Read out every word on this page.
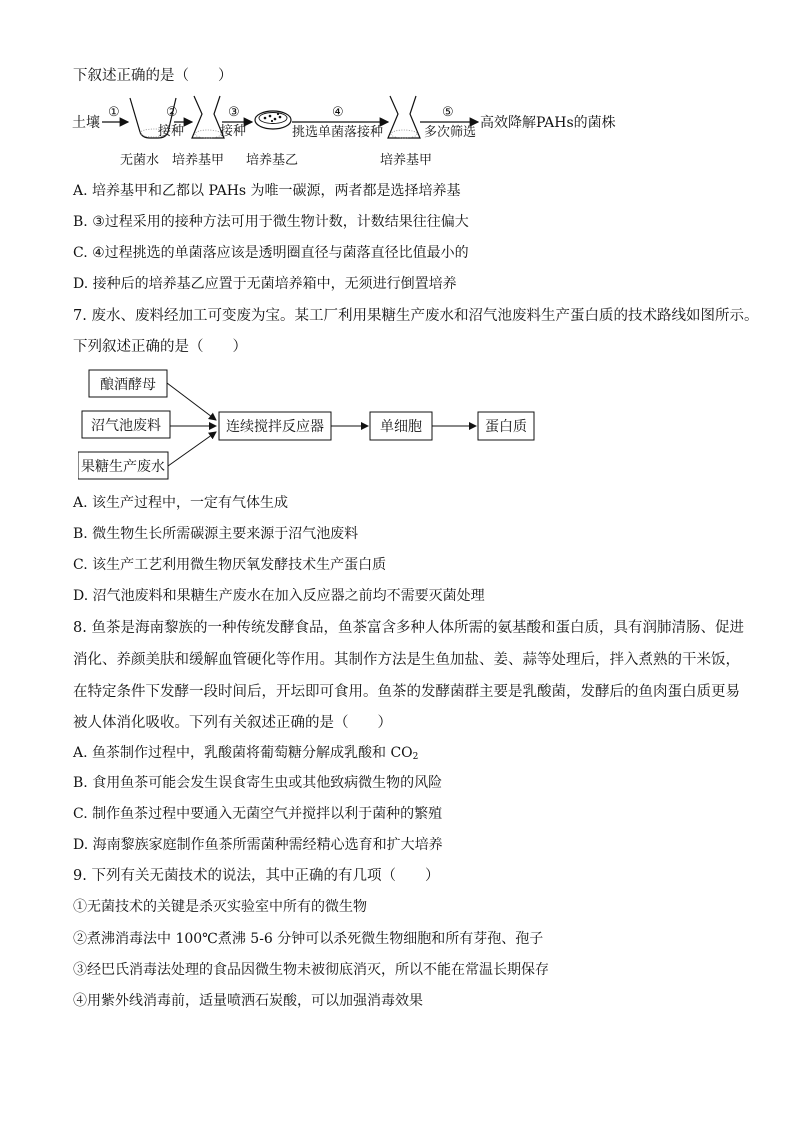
下叙述正确的是（　　）
土壤
①	②
接种
③
接种
④
挑选单菌落接种
⑤
多次筛选
高效降解PAHs的菌株
无菌水 培养基甲 培养基乙	培养基甲
A. 培养基甲和乙都以 PAHs 为唯一碳源，两者都是选择培养基
B. ③过程采用的接种方法可用于微生物计数，计数结果往往偏大
C. ④过程挑选的单菌落应该是透明圈直径与菌落直径比值最小的
D. 接种后的培养基乙应置于无菌培养箱中，无须进行倒置培养
7. 废水、废料经加工可变废为宝。某工厂利用果糖生产废水和沼气池废料生产蛋白质的技术路线如图所示。
下列叙述正确的是（　　）
酿酒酵母
沼气池废料
果糖生产废水
连续搅拌反应器	单细胞	蛋白质
A. 该生产过程中，一定有气体生成
B. 微生物生长所需碳源主要来源于沼气池废料
C. 该生产工艺利用微生物厌氧发酵技术生产蛋白质
D. 沼气池废料和果糖生产废水在加入反应器之前均不需要灭菌处理
8. 鱼茶是海南黎族的一种传统发酵食品，鱼茶富含多种人体所需的氨基酸和蛋白质，具有润肺清肠、促进
消化、养颜美肤和缓解血管硬化等作用。其制作方法是生鱼加盐、姜、蒜等处理后，拌入煮熟的干米饭，
在特定条件下发酵一段时间后，开坛即可食用。鱼茶的发酵菌群主要是乳酸菌，发酵后的鱼肉蛋白质更易
被人体消化吸收。下列有关叙述正确的是（　　）
A. 鱼茶制作过程中，乳酸菌将葡萄糖分解成乳酸和 $CO_2$
B. 食用鱼茶可能会发生误食寄生虫或其他致病微生物的风险
C. 制作鱼茶过程中要通入无菌空气并搅拌以利于菌种的繁殖
D. 海南黎族家庭制作鱼茶所需菌种需经精心选育和扩大培养
9. 下列有关无菌技术的说法，其中正确的有几项（　　）
①无菌技术的关键是杀灭实验室中所有的微生物
②煮沸消毒法中 100℃煮沸 5-6 分钟可以杀死微生物细胞和所有芽孢、孢子
③经巴氏消毒法处理的食品因微生物未被彻底消灭，所以不能在常温长期保存
④用紫外线消毒前，适量喷洒石炭酸，可以加强消毒效果
